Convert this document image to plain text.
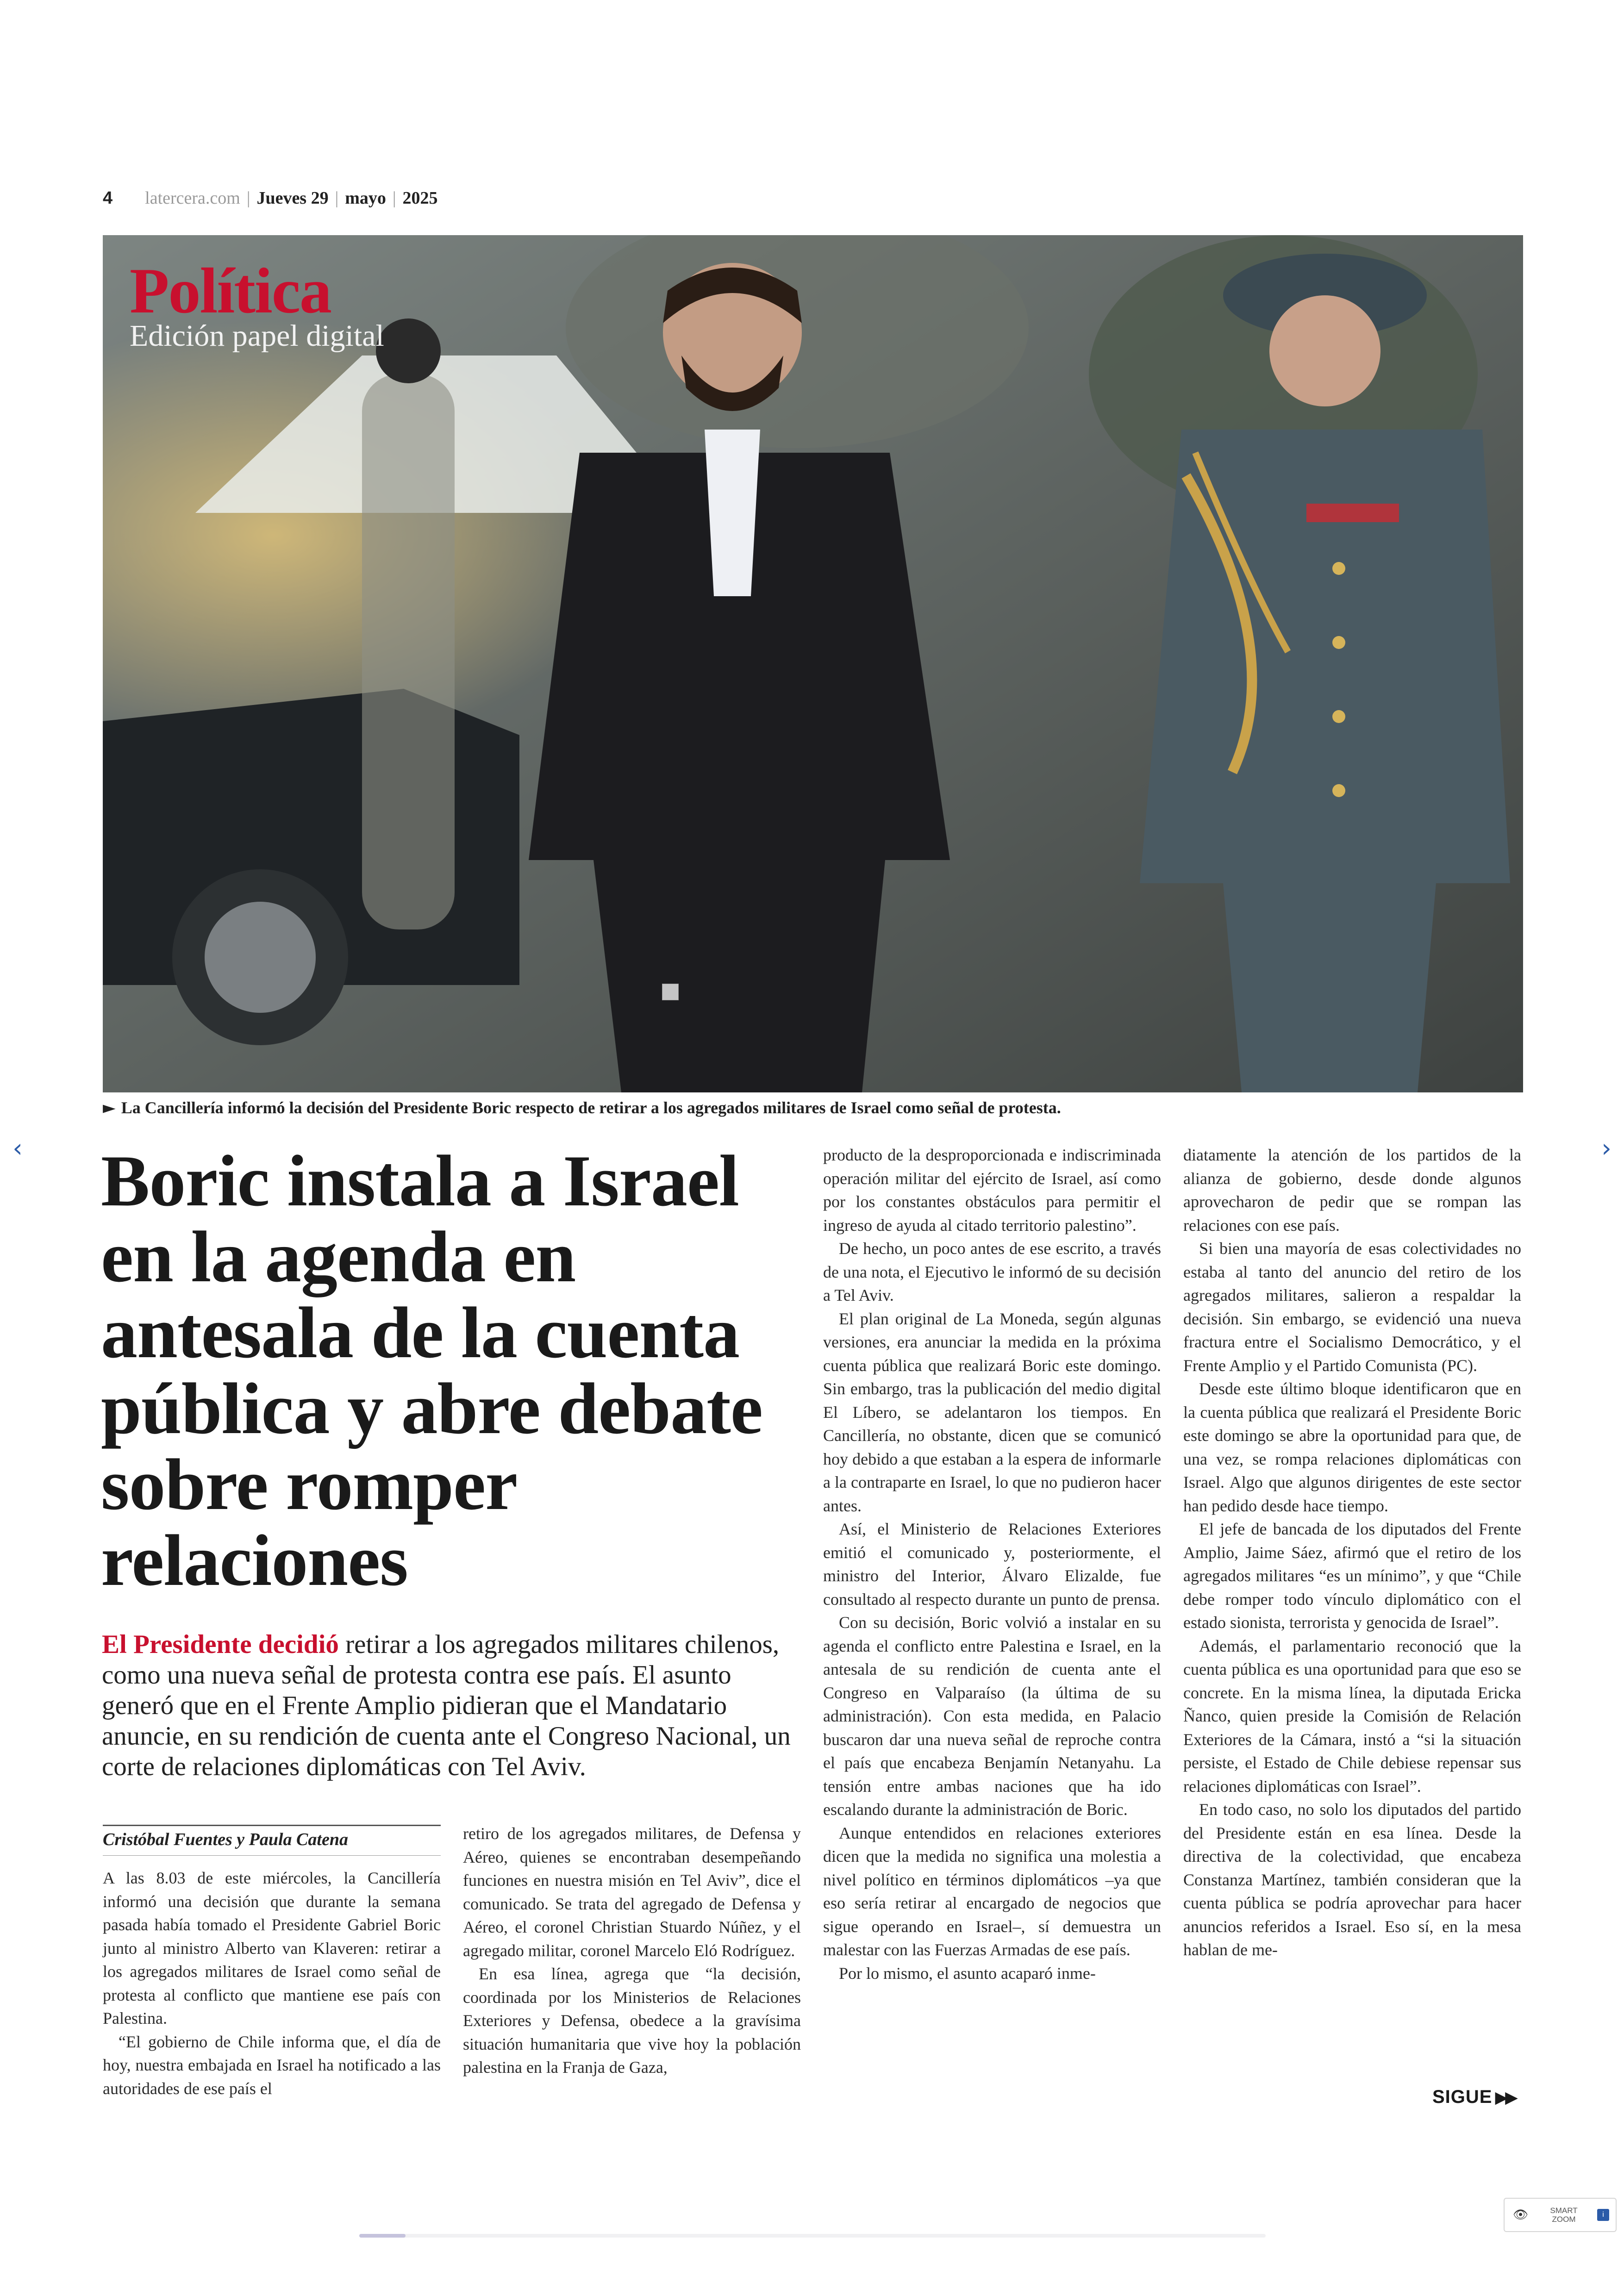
4 latercera.com | Jueves 29 | mayo | 2025
Política
Edición papel digital
► La Cancillería informó la decisión del Presidente Boric respecto de retirar a los agregados militares de Israel como señal de protesta.
‹	›
Boric instala a Israel en la agenda en antesala de la cuenta pública y abre debate sobre romper relaciones
El Presidente decidió retirar a los agregados militares chilenos, como una nueva señal de protesta contra ese país. El asunto generó que en el Frente Amplio pidieran que el Mandatario anuncie, en su rendición de cuenta ante el Congreso Nacional, un corte de relaciones diplomáticas con Tel Aviv.
Cristóbal Fuentes y Paula Catena

A las 8.03 de este miércoles, la Cancillería informó una decisión que durante la semana pasada había tomado el Presidente Gabriel Boric junto al ministro Alberto van Klaveren: retirar a los agregados militares de Israel como señal de protesta al conflicto que mantiene ese país con Palestina.

“El gobierno de Chile informa que, el día de hoy, nuestra embajada en Israel ha notificado a las autoridades de ese país el

retiro de los agregados militares, de Defensa y Aéreo, quienes se encontraban desempeñando funciones en nuestra misión en Tel Aviv”, dice el comunicado. Se trata del agregado de Defensa y Aéreo, el coronel Christian Stuardo Núñez, y el agregado militar, coronel Marcelo Eló Rodríguez.

En esa línea, agrega que “la decisión, coordinada por los Ministerios de Relaciones Exteriores y Defensa, obedece a la gravísima situación humanitaria que vive hoy la población palestina en la Franja de Gaza,

producto de la desproporcionada e indiscriminada operación militar del ejército de Israel, así como por los constantes obstáculos para permitir el ingreso de ayuda al citado territorio palestino”.

De hecho, un poco antes de ese escrito, a través de una nota, el Ejecutivo le informó de su decisión a Tel Aviv.

El plan original de La Moneda, según algunas versiones, era anunciar la medida en la próxima cuenta pública que realizará Boric este domingo. Sin embargo, tras la publicación del medio digital El Líbero, se adelantaron los tiempos. En Cancillería, no obstante, dicen que se comunicó hoy debido a que estaban a la espera de informarle a la contraparte en Israel, lo que no pudieron hacer antes.

Así, el Ministerio de Relaciones Exteriores emitió el comunicado y, posteriormente, el ministro del Interior, Álvaro Elizalde, fue consultado al respecto durante un punto de prensa.

Con su decisión, Boric volvió a instalar en su agenda el conflicto entre Palestina e Israel, en la antesala de su rendición de cuenta ante el Congreso en Valparaíso (la última de su administración). Con esta medida, en Palacio buscaron dar una nueva señal de reproche contra el país que encabeza Benjamín Netanyahu. La tensión entre ambas naciones que ha ido escalando durante la administración de Boric.

Aunque entendidos en relaciones exteriores dicen que la medida no significa una molestia a nivel político en términos diplomáticos –ya que eso sería retirar al encargado de negocios que sigue operando en Israel–, sí demuestra un malestar con las Fuerzas Armadas de ese país.

Por lo mismo, el asunto acaparó inme-

diatamente la atención de los partidos de la alianza de gobierno, desde donde algunos aprovecharon de pedir que se rompan las relaciones con ese país.

Si bien una mayoría de esas colectividades no estaba al tanto del anuncio del retiro de los agregados militares, salieron a respaldar la decisión. Sin embargo, se evidenció una nueva fractura entre el Socialismo Democrático, y el Frente Amplio y el Partido Comunista (PC).

Desde este último bloque identificaron que en la cuenta pública que realizará el Presidente Boric este domingo se abre la oportunidad para que, de una vez, se rompa relaciones diplomáticas con Israel. Algo que algunos dirigentes de este sector han pedido desde hace tiempo.

El jefe de bancada de los diputados del Frente Amplio, Jaime Sáez, afirmó que el retiro de los agregados militares “es un mínimo”, y que “Chile debe romper todo vínculo diplomático con el estado sionista, terrorista y genocida de Israel”.

Además, el parlamentario reconoció que la cuenta pública es una oportunidad para que eso se concrete. En la misma línea, la diputada Ericka Ñanco, quien preside la Comisión de Relación Exteriores de la Cámara, instó a “si la situación persiste, el Estado de Chile debiese repensar sus relaciones diplomáticas con Israel”.

En todo caso, no solo los diputados del partido del Presidente están en esa línea. Desde la directiva de la colectividad, que encabeza Constanza Martínez, también consideran que la cuenta pública se podría aprovechar para hacer anuncios referidos a Israel. Eso sí, en la mesa hablan de me-

SIGUE ▶▶
👁	SMART
ZOOM
i
